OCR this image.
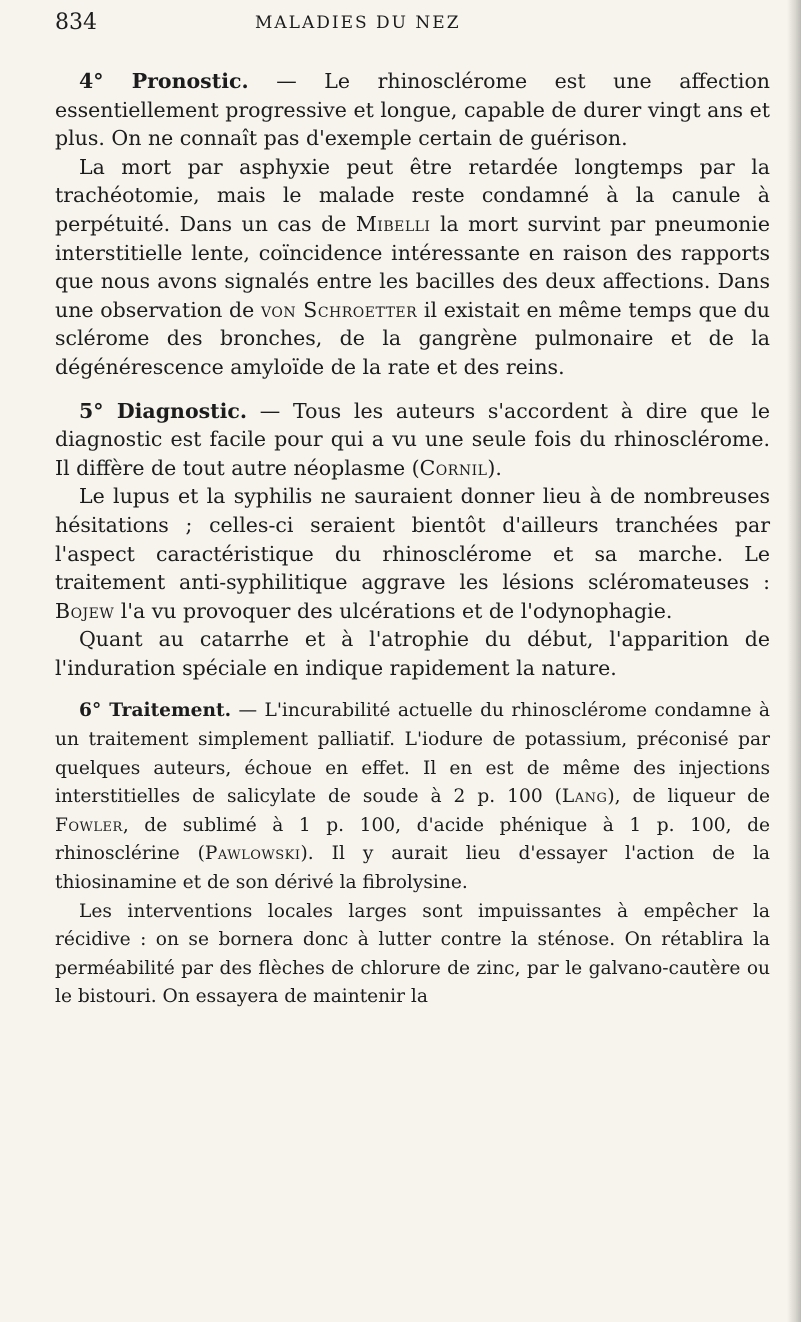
834	MALADIES DU NEZ

4° Pronostic. — Le rhinosclérome est une affection essentiellement progressive et longue, capable de durer vingt ans et plus. On ne connaît pas d'exemple certain de guérison.

La mort par asphyxie peut être retardée longtemps par la trachéotomie, mais le malade reste condamné à la canule à perpétuité. Dans un cas de Mibelli la mort survint par pneumonie interstitielle lente, coïncidence intéressante en raison des rapports que nous avons signalés entre les bacilles des deux affections. Dans une observation de von Schroetter il existait en même temps que du sclérome des bronches, de la gangrène pulmonaire et de la dégénérescence amyloïde de la rate et des reins.

5° Diagnostic. — Tous les auteurs s'accordent à dire que le diagnostic est facile pour qui a vu une seule fois du rhinosclérome. Il diffère de tout autre néoplasme (Cornil).

Le lupus et la syphilis ne sauraient donner lieu à de nombreuses hésitations ; celles-ci seraient bientôt d'ailleurs tranchées par l'aspect caractéristique du rhinosclérome et sa marche. Le traitement anti-syphilitique aggrave les lésions scléromateuses : Bojew l'a vu provoquer des ulcérations et de l'odynophagie.

Quant au catarrhe et à l'atrophie du début, l'apparition de l'induration spéciale en indique rapidement la nature.

6° Traitement. — L'incurabilité actuelle du rhinosclérome condamne à un traitement simplement palliatif. L'iodure de potassium, préconisé par quelques auteurs, échoue en effet. Il en est de même des injections interstitielles de salicylate de soude à 2 p. 100 (Lang), de liqueur de Fowler, de sublimé à 1 p. 100, d'acide phénique à 1 p. 100, de rhinosclérine (Pawlowski). Il y aurait lieu d'essayer l'action de la thiosinamine et de son dérivé la fibrolysine.

Les interventions locales larges sont impuissantes à empêcher la récidive : on se bornera donc à lutter contre la sténose. On rétablira la perméabilité par des flèches de chlorure de zinc, par le galvano-cautère ou le bistouri. On essayera de maintenir la
